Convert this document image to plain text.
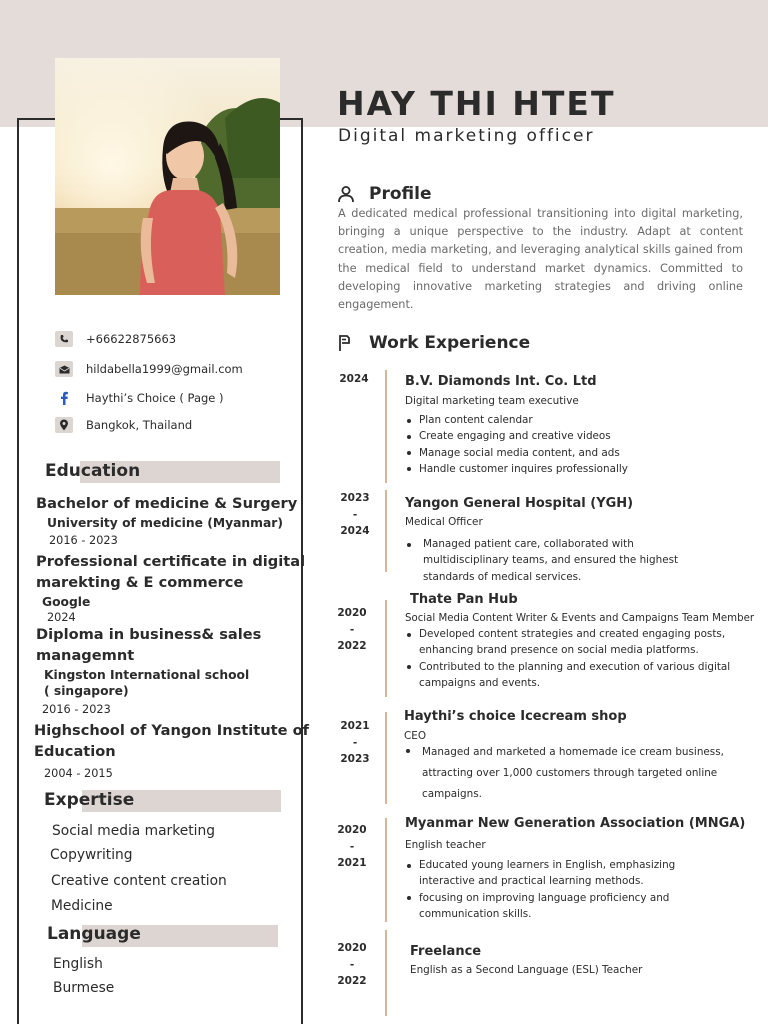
HAY THI HTET
Digital marketing officer
+66622875663
hildabella1999@gmail.com
Haythi’s Choice ( Page )
Bangkok, Thailand
Education
Bachelor of medicine & Surgery
University of medicine (Myanmar)
2016 - 2023
Professional certificate in digital
marekting & E commerce
Google
2024
Diploma in business& sales
managemnt
Kingston International school
( singapore)
2016 - 2023
Highschool of Yangon Institute of
Education
2004 - 2015
Expertise
Social media marketing
Copywriting
Creative content creation
Medicine
Language
English
Burmese
Profile
A dedicated medical professional transitioning into digital marketing, bringing a unique perspective to the industry. Adapt at content creation, media marketing, and leveraging analytical skills gained from the medical field to understand market dynamics. Committed to developing innovative marketing strategies and driving online engagement.
Work Experience
2024	B.V. Diamonds Int. Co. Ltd
Digital marketing team executive
Plan content calendar
Create engaging and creative videos
Manage social media content, and ads
Handle customer inquires professionally
2023
-
2024
Yangon General Hospital (YGH)
Medical Officer
Managed patient care, collaborated with
multidisciplinary teams, and ensured the highest
standards of medical services.
2020
-
2022
Thate Pan Hub
Social Media Content Writer & Events and Campaigns Team Member
Developed content strategies and created engaging posts,
enhancing brand presence on social media platforms.
Contributed to the planning and execution of various digital
campaigns and events.
2021
-
2023
Haythi’s choice Icecream shop
CEO
Managed and marketed a homemade ice cream business,
attracting over 1,000 customers through targeted online
campaigns.
2020
-
2021
Myanmar New Generation Association (MNGA)
English teacher
Educated young learners in English, emphasizing
interactive and practical learning methods.
focusing on improving language proficiency and
communication skills.
2020
-
2022
Freelance
English as a Second Language (ESL) Teacher
